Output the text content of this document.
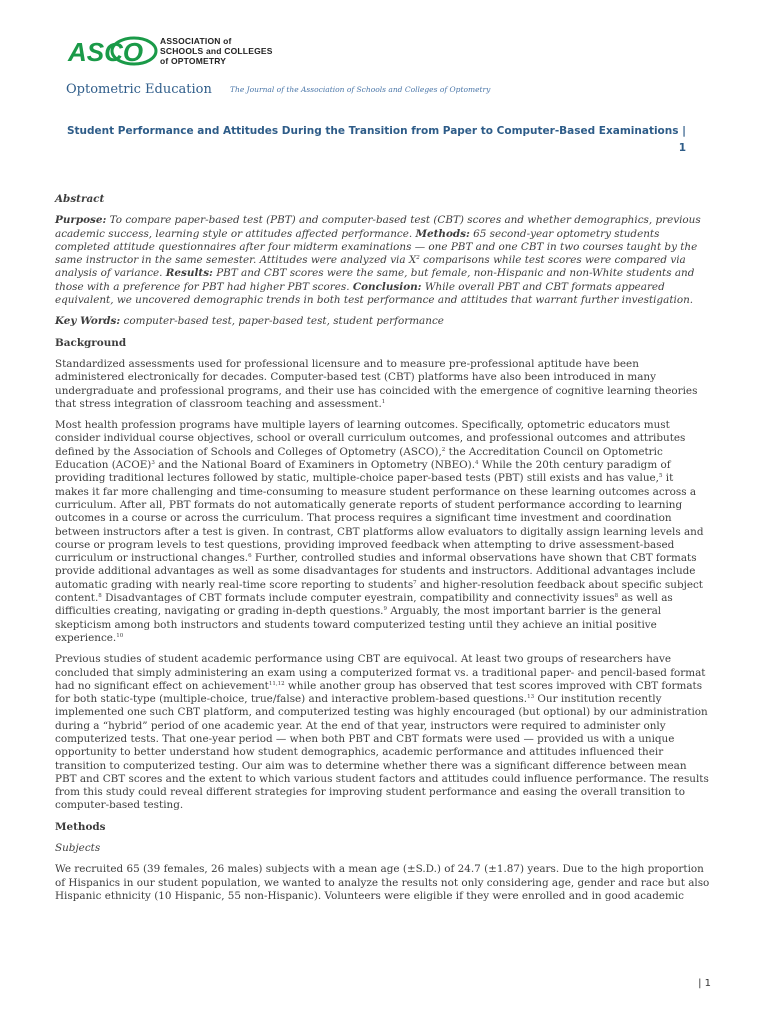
ASCO ASSOCIATION of
SCHOOLS and COLLEGES
of OPTOMETRY
Optometric Education The Journal of the Association of Schools and Colleges of Optometry
Student Performance and Attitudes During the Transition from Paper to Computer-Based Examinations |
1

Abstract

Purpose: To compare paper-based test (PBT) and computer-based test (CBT) scores and whether demographics, previous academic success, learning style or attitudes affected performance. Methods: 65 second-year optometry students completed attitude questionnaires after four midterm examinations — one PBT and one CBT in two courses taught by the same instructor in the same semester. Attitudes were analyzed via $X^2$ comparisons while test scores were compared via analysis of variance. Results: PBT and CBT scores were the same, but female, non-Hispanic and non-White students and those with a preference for PBT had higher PBT scores. Conclusion: While overall PBT and CBT formats appeared equivalent, we uncovered demographic trends in both test performance and attitudes that warrant further investigation.

Key Words: computer-based test, paper-based test, student performance

Background

Standardized assessments used for professional licensure and to measure pre-professional aptitude have been administered electronically for decades. Computer-based test (CBT) platforms have also been introduced in many undergraduate and professional programs, and their use has coincided with the emergence of cognitive learning theories that stress integration of classroom teaching and assessment.$^1$

Most health profession programs have multiple layers of learning outcomes. Specifically, optometric educators must consider individual course objectives, school or overall curriculum outcomes, and professional outcomes and attributes defined by the Association of Schools and Colleges of Optometry (ASCO),$^2$ the Accreditation Council on Optometric Education (ACOE)$^3$ and the National Board of Examiners in Optometry (NBEO).$^4$ While the 20th century paradigm of providing traditional lectures followed by static, multiple-choice paper-based tests (PBT) still exists and has value,$^5$ it makes it far more challenging and time-consuming to measure student performance on these learning outcomes across a curriculum. After all, PBT formats do not automatically generate reports of student performance according to learning outcomes in a course or across the curriculum. That process requires a significant time investment and coordination between instructors after a test is given. In contrast, CBT platforms allow evaluators to digitally assign learning levels and course or program levels to test questions, providing improved feedback when attempting to drive assessment-based curriculum or instructional changes.$^6$ Further, controlled studies and informal observations have shown that CBT formats provide additional advantages as well as some disadvantages for students and instructors. Additional advantages include automatic grading with nearly real-time score reporting to students$^7$ and higher-resolution feedback about specific subject content.$^8$ Disadvantages of CBT formats include computer eyestrain, compatibility and connectivity issues$^8$ as well as difficulties creating, navigating or grading in-depth questions.$^9$ Arguably, the most important barrier is the general skepticism among both instructors and students toward computerized testing until they achieve an initial positive experience.$^{10}$

Previous studies of student academic performance using CBT are equivocal. At least two groups of researchers have concluded that simply administering an exam using a computerized format vs. a traditional paper- and pencil-based format had no significant effect on achievement$^{11,12}$ while another group has observed that test scores improved with CBT formats for both static-type (multiple-choice, true/false) and interactive problem-based questions.$^{13}$ Our institution recently implemented one such CBT platform, and computerized testing was highly encouraged (but optional) by our administration during a “hybrid” period of one academic year. At the end of that year, instructors were required to administer only computerized tests. That one-year period — when both PBT and CBT formats were used — provided us with a unique opportunity to better understand how student demographics, academic performance and attitudes influenced their transition to computerized testing. Our aim was to determine whether there was a significant difference between mean PBT and CBT scores and the extent to which various student factors and attitudes could influence performance. The results from this study could reveal different strategies for improving student performance and easing the overall transition to computer-based testing.

Methods

Subjects

We recruited 65 (39 females, 26 males) subjects with a mean age (±S.D.) of 24.7 (±1.87) years. Due to the high proportion of Hispanics in our student population, we wanted to analyze the results not only considering age, gender and race but also Hispanic ethnicity (10 Hispanic, 55 non-Hispanic). Volunteers were eligible if they were enrolled and in good academic

| 1
